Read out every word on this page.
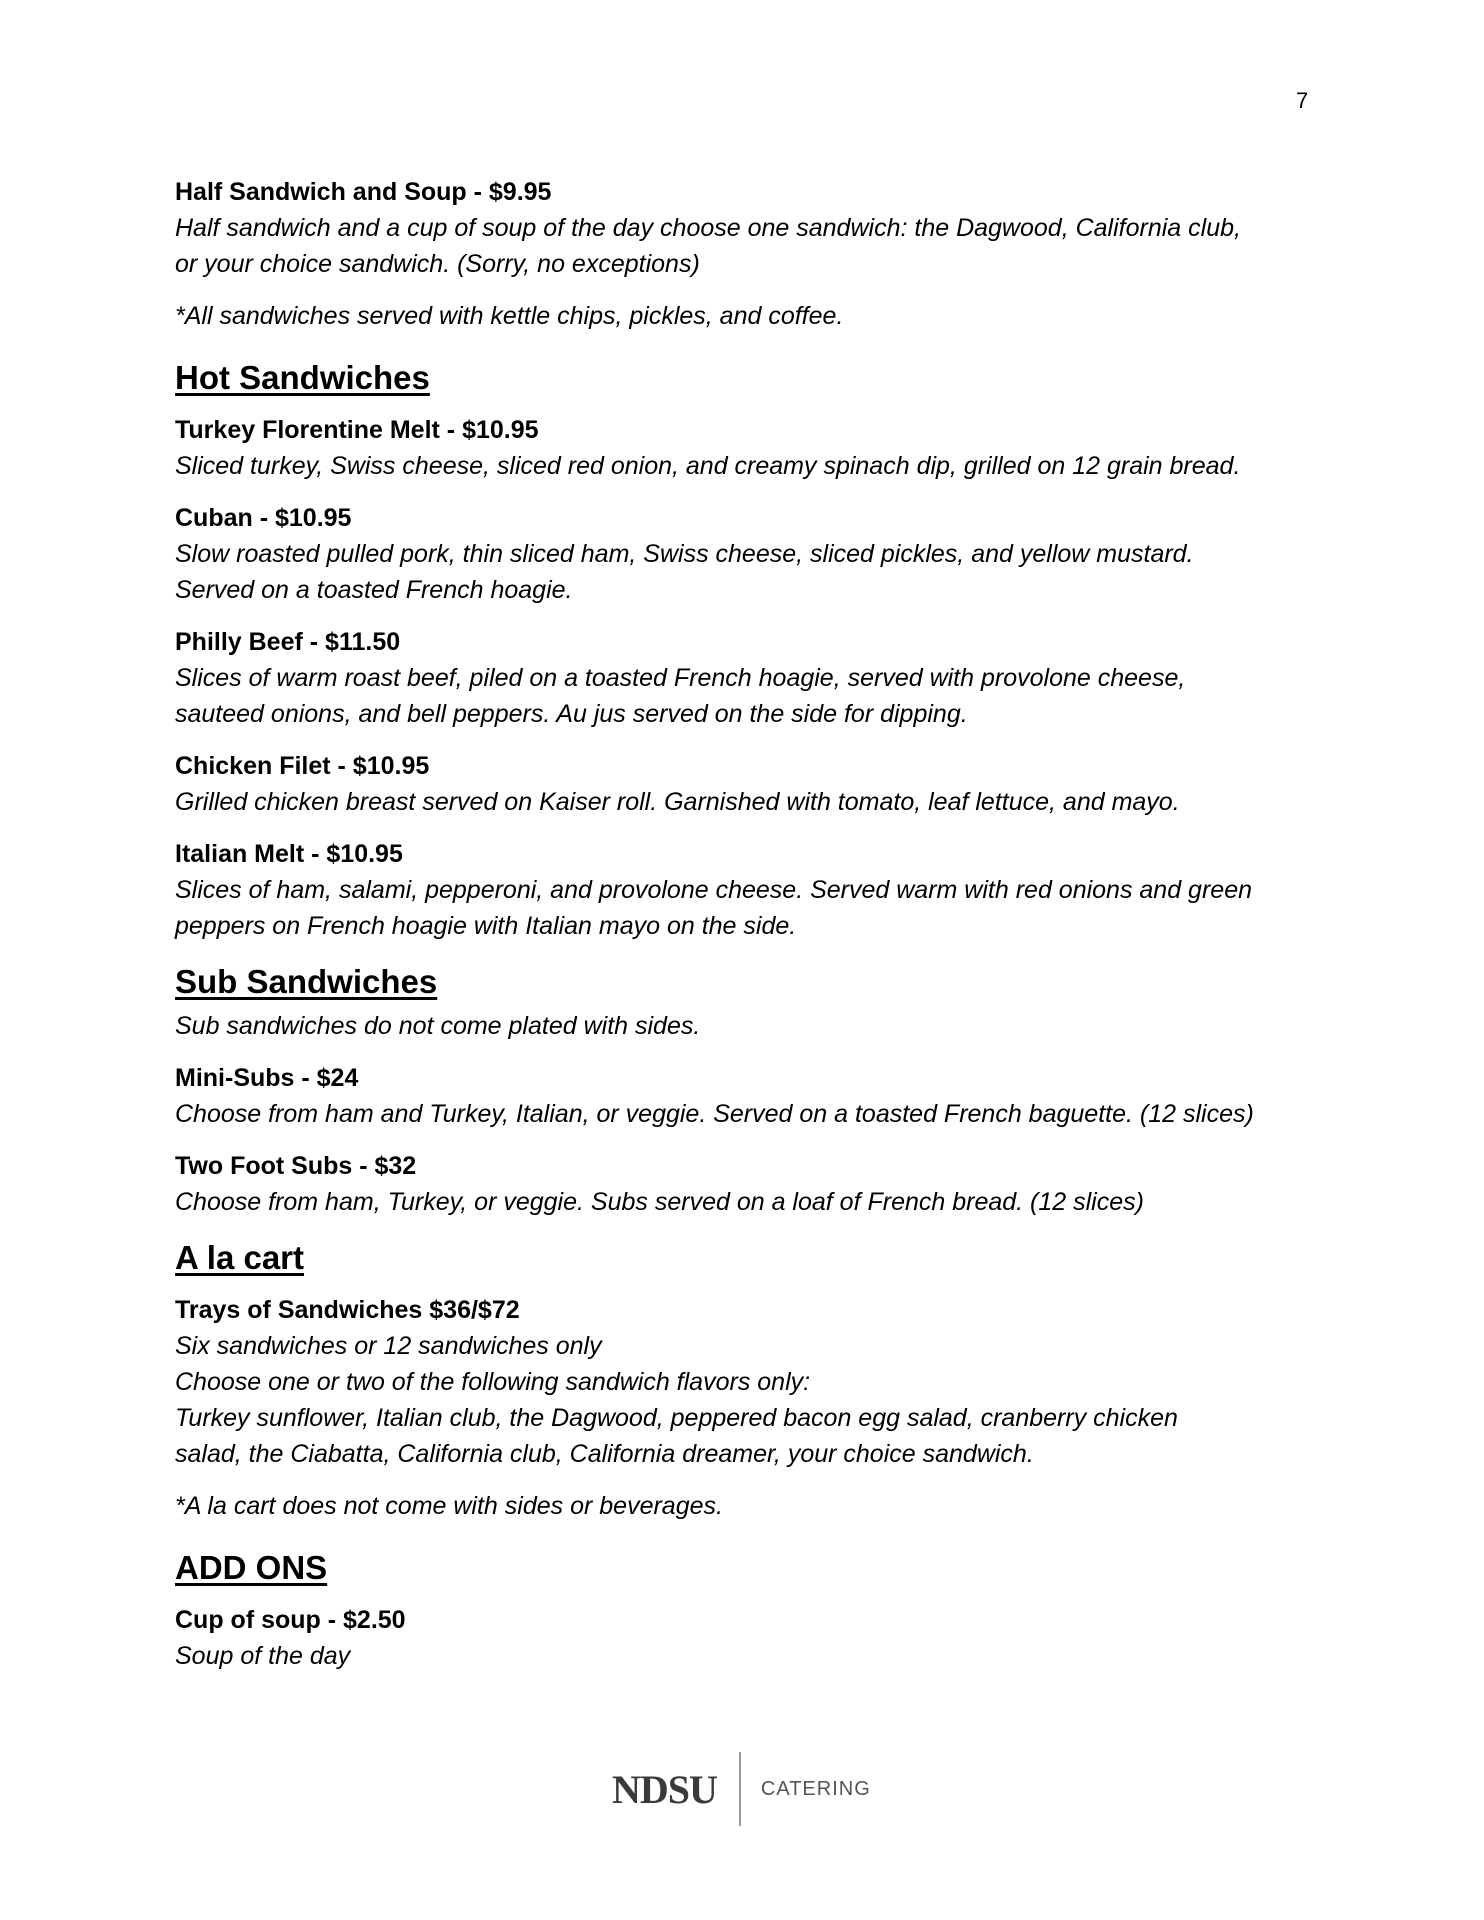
7
Half Sandwich and Soup - $9.95
Half sandwich and a cup of soup of the day choose one sandwich: the Dagwood, California club,
or your choice sandwich. (Sorry, no exceptions)
*All sandwiches served with kettle chips, pickles, and coffee.
Hot Sandwiches
Turkey Florentine Melt - $10.95
Sliced turkey, Swiss cheese, sliced red onion, and creamy spinach dip, grilled on 12 grain bread.
Cuban - $10.95
Slow roasted pulled pork, thin sliced ham, Swiss cheese, sliced pickles, and yellow mustard.
Served on a toasted French hoagie.
Philly Beef - $11.50
Slices of warm roast beef, piled on a toasted French hoagie, served with provolone cheese,
sauteed onions, and bell peppers. Au jus served on the side for dipping.
Chicken Filet - $10.95
Grilled chicken breast served on Kaiser roll. Garnished with tomato, leaf lettuce, and mayo.
Italian Melt - $10.95
Slices of ham, salami, pepperoni, and provolone cheese. Served warm with red onions and green
peppers on French hoagie with Italian mayo on the side.
Sub Sandwiches
Sub sandwiches do not come plated with sides.
Mini-Subs - $24
Choose from ham and Turkey, Italian, or veggie. Served on a toasted French baguette. (12 slices)
Two Foot Subs - $32
Choose from ham, Turkey, or veggie. Subs served on a loaf of French bread. (12 slices)
A la cart
Trays of Sandwiches $36/$72
Six sandwiches or 12 sandwiches only
Choose one or two of the following sandwich flavors only:
Turkey sunflower, Italian club, the Dagwood, peppered bacon egg salad, cranberry chicken
salad, the Ciabatta, California club, California dreamer, your choice sandwich.
*A la cart does not come with sides or beverages.
ADD ONS
Cup of soup - $2.50
Soup of the day
NDSU CATERING
